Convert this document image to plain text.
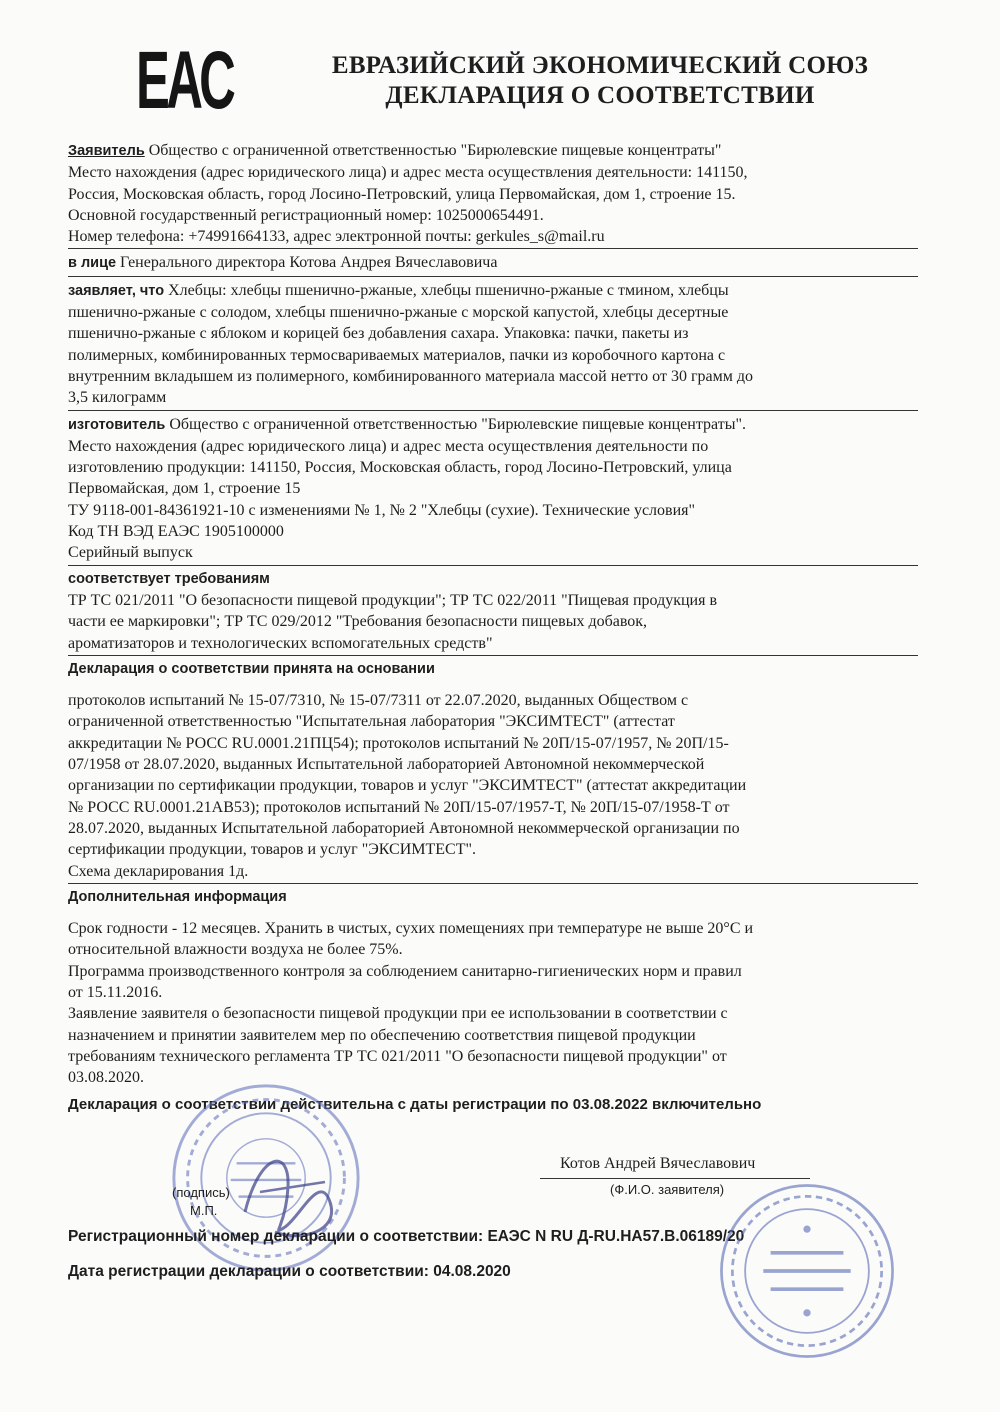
EAC	ЕВРАЗИЙСКИЙ ЭКОНОМИЧЕСКИЙ СОЮЗ
ДЕКЛАРАЦИЯ О СООТВЕТСТВИИ
Заявитель Общество с ограниченной ответственностью "Бирюлевские пищевые концентраты"
Место нахождения (адрес юридического лица) и адрес места осуществления деятельности: 141150,
Россия, Московская область, город Лосино-Петровский, улица Первомайская, дом 1, строение 15.
Основной государственный регистрационный номер: 1025000654491.
Номер телефона: +74991664133, адрес электронной почты: gerkules_s@mail.ru
в лице Генерального директора Котова Андрея Вячеславовича
заявляет, что Хлебцы: хлебцы пшенично-ржаные, хлебцы пшенично-ржаные с тмином, хлебцы
пшенично-ржаные с солодом, хлебцы пшенично-ржаные с морской капустой, хлебцы десертные
пшенично-ржаные с яблоком и корицей без добавления сахара. Упаковка: пачки, пакеты из
полимерных, комбинированных термосвариваемых материалов, пачки из коробочного картона с
внутренним вкладышем из полимерного, комбинированного материала массой нетто от 30 грамм до
3,5 килограмм
изготовитель Общество с ограниченной ответственностью "Бирюлевские пищевые концентраты".
Место нахождения (адрес юридического лица) и адрес места осуществления деятельности по
изготовлению продукции: 141150, Россия, Московская область, город Лосино-Петровский, улица
Первомайская, дом 1, строение 15
ТУ 9118-001-84361921-10 с изменениями № 1, № 2 "Хлебцы (сухие). Технические условия"
Код ТН ВЭД ЕАЭС 1905100000
Серийный выпуск
соответствует требованиям
ТР ТС 021/2011 "О безопасности пищевой продукции"; ТР ТС 022/2011 "Пищевая продукция в
части ее маркировки"; ТР ТС 029/2012 "Требования безопасности пищевых добавок,
ароматизаторов и технологических вспомогательных средств"
Декларация о соответствии принята на основании
протоколов испытаний № 15-07/7310, № 15-07/7311 от 22.07.2020, выданных Обществом с
ограниченной ответственностью "Испытательная лаборатория "ЭКСИМТЕСТ" (аттестат
аккредитации № РОСС RU.0001.21ПЦ54); протоколов испытаний № 20П/15-07/1957, № 20П/15-
07/1958 от 28.07.2020, выданных Испытательной лабораторией Автономной некоммерческой
организации по сертификации продукции, товаров и услуг "ЭКСИМТЕСТ" (аттестат аккредитации
№ РОСС RU.0001.21АВ53); протоколов испытаний № 20П/15-07/1957-Т, № 20П/15-07/1958-Т от
28.07.2020, выданных Испытательной лабораторией Автономной некоммерческой организации по
сертификации продукции, товаров и услуг "ЭКСИМТЕСТ".
Схема декларирования 1д.
Дополнительная информация
Срок годности - 12 месяцев. Хранить в чистых, сухих помещениях при температуре не выше 20°С и
относительной влажности воздуха не более 75%.
Программа производственного контроля за соблюдением санитарно-гигиенических норм и правил
от 15.11.2016.
Заявление заявителя о безопасности пищевой продукции при ее использовании в соответствии с
назначением и принятии заявителем мер по обеспечению соответствия пищевой продукции
требованиям технического регламента ТР ТС 021/2011 "О безопасности пищевой продукции" от
03.08.2020.
Декларация о соответствии действительна с даты регистрации по 03.08.2022 включительно
Котов Андрей Вячеславович
(Ф.И.О. заявителя)
(подпись)
М.П.
Регистрационный номер декларации о соответствии: ЕАЭС N RU Д-RU.HA57.B.06189/20
Дата регистрации декларации о соответствии: 04.08.2020
